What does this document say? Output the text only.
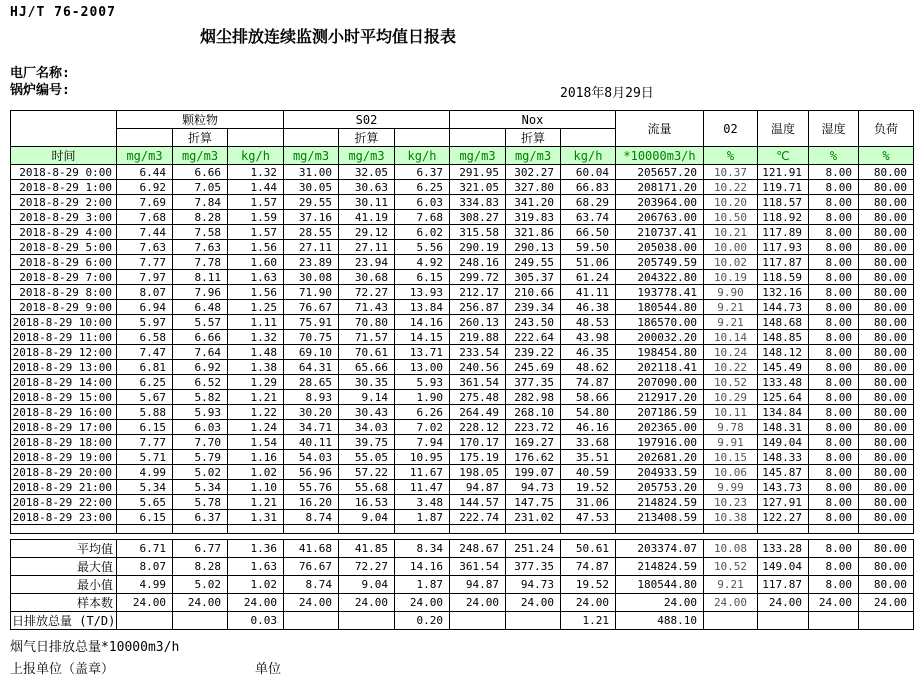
HJ/T 76-2007
烟尘排放连续监测小时平均值日报表
电厂名称:
锅炉编号:	2018年8月29日
	颗粒物			S02			Nox			流量	02	温度	湿度	负荷
		折算			折算			折算						
时间	mg/m3	mg/m3	kg/h	mg/m3	mg/m3	kg/h	mg/m3	mg/m3	kg/h	*10000m3/h	%	℃	%	%
2018-8-29 0:00	6.44	6.66	1.32	31.00	32.05	6.37	291.95	302.27	60.04	205657.20	10.37	121.91	8.00	80.00
2018-8-29 1:00	6.92	7.05	1.44	30.05	30.63	6.25	321.05	327.80	66.83	208171.20	10.22	119.71	8.00	80.00
2018-8-29 2:00	7.69	7.84	1.57	29.55	30.11	6.03	334.83	341.20	68.29	203964.00	10.20	118.57	8.00	80.00
2018-8-29 3:00	7.68	8.28	1.59	37.16	41.19	7.68	308.27	319.83	63.74	206763.00	10.50	118.92	8.00	80.00
2018-8-29 4:00	7.44	7.58	1.57	28.55	29.12	6.02	315.58	321.86	66.50	210737.41	10.21	117.89	8.00	80.00
2018-8-29 5:00	7.63	7.63	1.56	27.11	27.11	5.56	290.19	290.13	59.50	205038.00	10.00	117.93	8.00	80.00
2018-8-29 6:00	7.77	7.78	1.60	23.89	23.94	4.92	248.16	249.55	51.06	205749.59	10.02	117.87	8.00	80.00
2018-8-29 7:00	7.97	8.11	1.63	30.08	30.68	6.15	299.72	305.37	61.24	204322.80	10.19	118.59	8.00	80.00
2018-8-29 8:00	8.07	7.96	1.56	71.90	72.27	13.93	212.17	210.66	41.11	193778.41	9.90	132.16	8.00	80.00
2018-8-29 9:00	6.94	6.48	1.25	76.67	71.43	13.84	256.87	239.34	46.38	180544.80	9.21	144.73	8.00	80.00
2018-8-29 10:00	5.97	5.57	1.11	75.91	70.80	14.16	260.13	243.50	48.53	186570.00	9.21	148.68	8.00	80.00
2018-8-29 11:00	6.58	6.66	1.32	70.75	71.57	14.15	219.88	222.64	43.98	200032.20	10.14	148.85	8.00	80.00
2018-8-29 12:00	7.47	7.64	1.48	69.10	70.61	13.71	233.54	239.22	46.35	198454.80	10.24	148.12	8.00	80.00
2018-8-29 13:00	6.81	6.92	1.38	64.31	65.66	13.00	240.56	245.69	48.62	202118.41	10.22	145.49	8.00	80.00
2018-8-29 14:00	6.25	6.52	1.29	28.65	30.35	5.93	361.54	377.35	74.87	207090.00	10.52	133.48	8.00	80.00
2018-8-29 15:00	5.67	5.82	1.21	8.93	9.14	1.90	275.48	282.98	58.66	212917.20	10.29	125.64	8.00	80.00
2018-8-29 16:00	5.88	5.93	1.22	30.20	30.43	6.26	264.49	268.10	54.80	207186.59	10.11	134.84	8.00	80.00
2018-8-29 17:00	6.15	6.03	1.24	34.71	34.03	7.02	228.12	223.72	46.16	202365.00	9.78	148.31	8.00	80.00
2018-8-29 18:00	7.77	7.70	1.54	40.11	39.75	7.94	170.17	169.27	33.68	197916.00	9.91	149.04	8.00	80.00
2018-8-29 19:00	5.71	5.79	1.16	54.03	55.05	10.95	175.19	176.62	35.51	202681.20	10.15	148.33	8.00	80.00
2018-8-29 20:00	4.99	5.02	1.02	56.96	57.22	11.67	198.05	199.07	40.59	204933.59	10.06	145.87	8.00	80.00
2018-8-29 21:00	5.34	5.34	1.10	55.76	55.68	11.47	94.87	94.73	19.52	205753.20	9.99	143.73	8.00	80.00
2018-8-29 22:00	5.65	5.78	1.21	16.20	16.53	3.48	144.57	147.75	31.06	214824.59	10.23	127.91	8.00	80.00
2018-8-29 23:00	6.15	6.37	1.31	8.74	9.04	1.87	222.74	231.02	47.53	213408.59	10.38	122.27	8.00	80.00

平均值	6.71	6.77	1.36	41.68	41.85	8.34	248.67	251.24	50.61	203374.07	10.08	133.28	8.00	80.00
最大值	8.07	8.28	1.63	76.67	72.27	14.16	361.54	377.35	74.87	214824.59	10.52	149.04	8.00	80.00
最小值	4.99	5.02	1.02	8.74	9.04	1.87	94.87	94.73	19.52	180544.80	9.21	117.87	8.00	80.00
样本数	24.00	24.00	24.00	24.00	24.00	24.00	24.00	24.00	24.00	24.00	24.00	24.00	24.00	24.00
日排放总量 (T/D)			0.03			0.20			1.21	488.10				
烟气日排放总量*10000m3/h
上报单位（盖章）	单位
